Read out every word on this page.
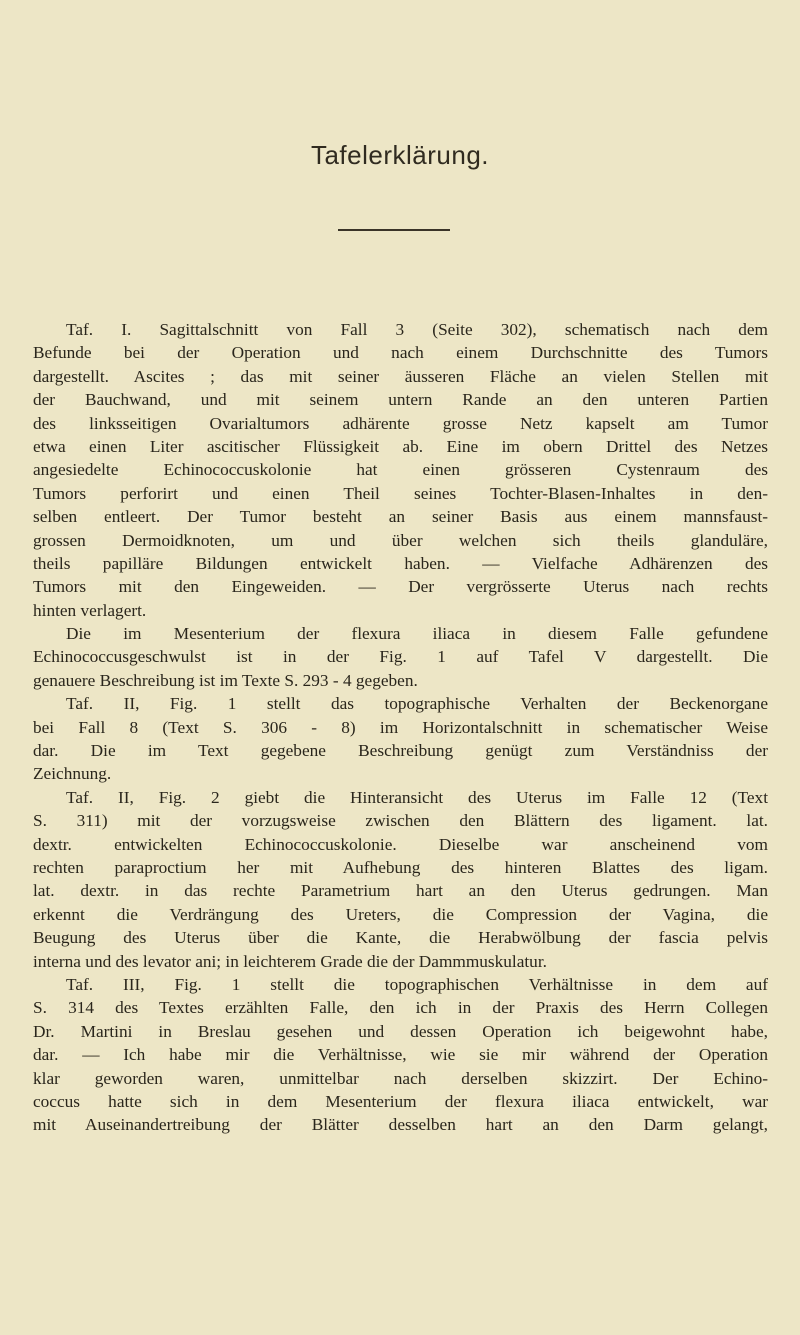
Tafelerklärung.
Taf. I. Sagittalschnitt von Fall 3 (Seite 302), schematisch nach dem
Befunde bei der Operation und nach einem Durchschnitte des Tumors
dargestellt. Ascites ; das mit seiner äusseren Fläche an vielen Stellen mit
der Bauchwand, und mit seinem untern Rande an den unteren Partien
des linksseitigen Ovarialtumors adhärente grosse Netz kapselt am Tumor
etwa einen Liter ascitischer Flüssigkeit ab. Eine im obern Drittel des Netzes
angesiedelte Echinococcuskolonie hat einen grösseren Cystenraum des
Tumors perforirt und einen Theil seines Tochter-Blasen-Inhaltes in den-
selben entleert. Der Tumor besteht an seiner Basis aus einem mannsfaust-
grossen Dermoidknoten, um und über welchen sich theils glanduläre,
theils papilläre Bildungen entwickelt haben. — Vielfache Adhärenzen des
Tumors mit den Eingeweiden. — Der vergrösserte Uterus nach rechts
hinten verlagert.
Die im Mesenterium der flexura iliaca in diesem Falle gefundene
Echinococcusgeschwulst ist in der Fig. 1 auf Tafel V dargestellt. Die
genauere Beschreibung ist im Texte S. 293 - 4 gegeben.
Taf. II, Fig. 1 stellt das topographische Verhalten der Beckenorgane
bei Fall 8 (Text S. 306 - 8) im Horizontalschnitt in schematischer Weise
dar. Die im Text gegebene Beschreibung genügt zum Verständniss der
Zeichnung.
Taf. II, Fig. 2 giebt die Hinteransicht des Uterus im Falle 12 (Text
S. 311) mit der vorzugsweise zwischen den Blättern des ligament. lat.
dextr. entwickelten Echinococcuskolonie. Dieselbe war anscheinend vom
rechten paraproctium her mit Aufhebung des hinteren Blattes des ligam.
lat. dextr. in das rechte Parametrium hart an den Uterus gedrungen. Man
erkennt die Verdrängung des Ureters, die Compression der Vagina, die
Beugung des Uterus über die Kante, die Herabwölbung der fascia pelvis
interna und des levator ani; in leichterem Grade die der Dammmuskulatur.
Taf. III, Fig. 1 stellt die topographischen Verhältnisse in dem auf
S. 314 des Textes erzählten Falle, den ich in der Praxis des Herrn Collegen
Dr. Martini in Breslau gesehen und dessen Operation ich beigewohnt habe,
dar. — Ich habe mir die Verhältnisse, wie sie mir während der Operation
klar geworden waren, unmittelbar nach derselben skizzirt. Der Echino-
coccus hatte sich in dem Mesenterium der flexura iliaca entwickelt, war
mit Auseinandertreibung der Blätter desselben hart an den Darm gelangt,
